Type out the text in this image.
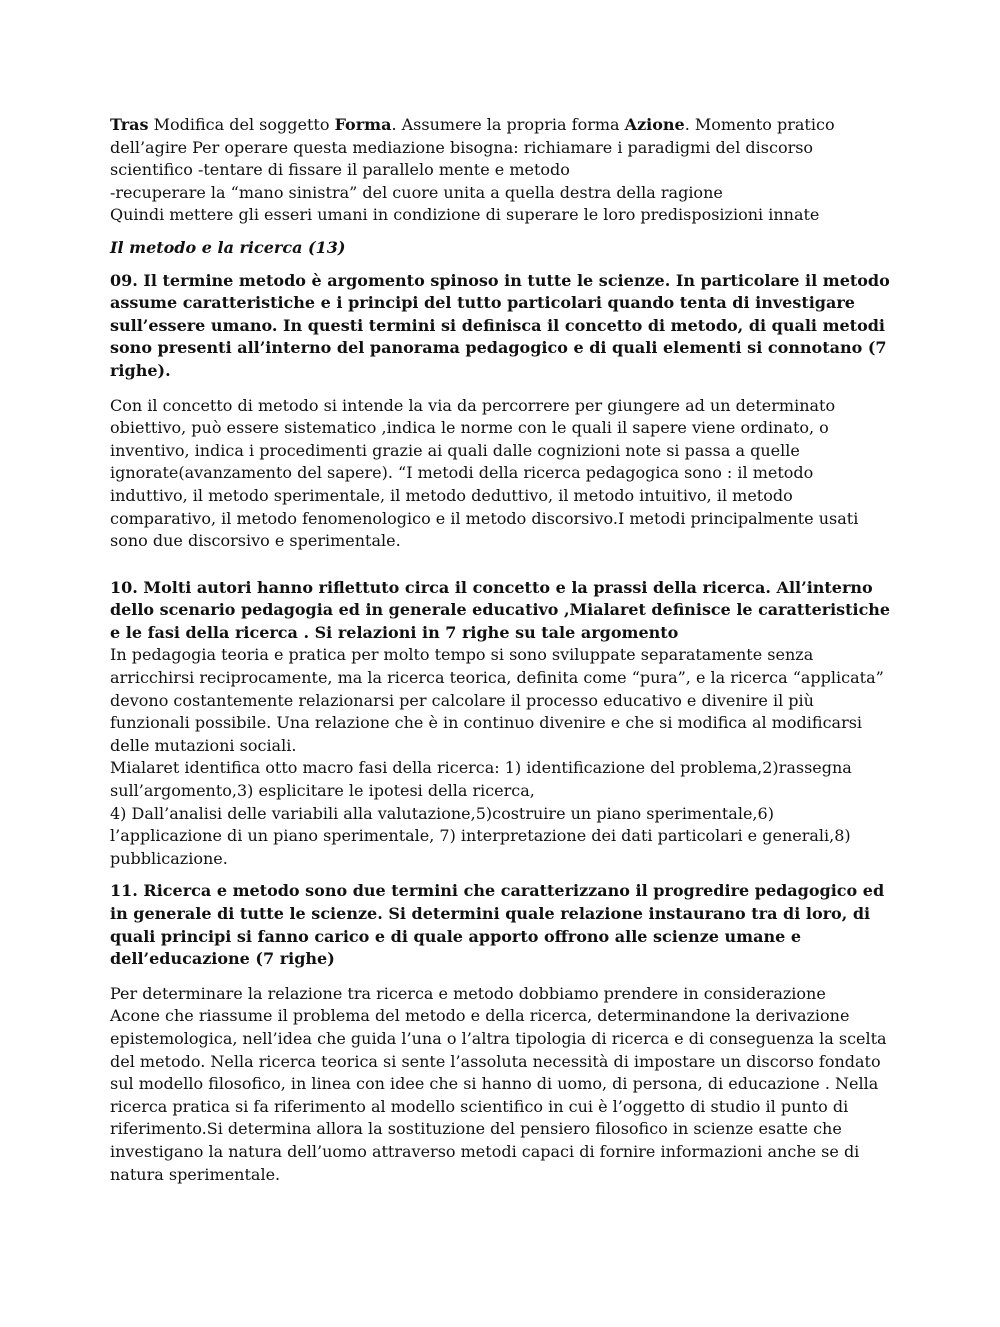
Tras Modifica del soggetto Forma. Assumere la propria forma Azione. Momento pratico
dell’agire Per operare questa mediazione bisogna: richiamare i paradigmi del discorso
scientifico -tentare di fissare il parallelo mente e metodo
-recuperare la “mano sinistra” del cuore unita a quella destra della ragione
Quindi mettere gli esseri umani in condizione di superare le loro predisposizioni innate
Il metodo e la ricerca (13)
09. Il termine metodo è argomento spinoso in tutte le scienze. In particolare il metodo
assume caratteristiche e i principi del tutto particolari quando tenta di investigare
sull’essere umano. In questi termini si definisca il concetto di metodo, di quali metodi
sono presenti all’interno del panorama pedagogico e di quali elementi si connotano (7
righe).
Con il concetto di metodo si intende la via da percorrere per giungere ad un determinato
obiettivo, può essere sistematico ,indica le norme con le quali il sapere viene ordinato, o
inventivo, indica i procedimenti grazie ai quali dalle cognizioni note si passa a quelle
ignorate(avanzamento del sapere). “I metodi della ricerca pedagogica sono : il metodo
induttivo, il metodo sperimentale, il metodo deduttivo, il metodo intuitivo, il metodo
comparativo, il metodo fenomenologico e il metodo discorsivo.I metodi principalmente usati
sono due discorsivo e sperimentale.
10. Molti autori hanno riflettuto circa il concetto e la prassi della ricerca. All’interno
dello scenario pedagogia ed in generale educativo ,Mialaret definisce le caratteristiche
e le fasi della ricerca . Si relazioni in 7 righe su tale argomento
In pedagogia teoria e pratica per molto tempo si sono sviluppate separatamente senza
arricchirsi reciprocamente, ma la ricerca teorica, definita come “pura”, e la ricerca “applicata”
devono costantemente relazionarsi per calcolare il processo educativo e divenire il più
funzionali possibile. Una relazione che è in continuo divenire e che si modifica al modificarsi
delle mutazioni sociali.
Mialaret identifica otto macro fasi della ricerca: 1) identificazione del problema,2)rassegna
sull’argomento,3) esplicitare le ipotesi della ricerca,
4) Dall’analisi delle variabili alla valutazione,5)costruire un piano sperimentale,6)
l’applicazione di un piano sperimentale, 7) interpretazione dei dati particolari e generali,8)
pubblicazione.
11. Ricerca e metodo sono due termini che caratterizzano il progredire pedagogico ed
in generale di tutte le scienze. Si determini quale relazione instaurano tra di loro, di
quali principi si fanno carico e di quale apporto offrono alle scienze umane e
dell’educazione (7 righe)
Per determinare la relazione tra ricerca e metodo dobbiamo prendere in considerazione
Acone che riassume il problema del metodo e della ricerca, determinandone la derivazione
epistemologica, nell’idea che guida l’una o l’altra tipologia di ricerca e di conseguenza la scelta
del metodo. Nella ricerca teorica si sente l’assoluta necessità di impostare un discorso fondato
sul modello filosofico, in linea con idee che si hanno di uomo, di persona, di educazione . Nella
ricerca pratica si fa riferimento al modello scientifico in cui è l’oggetto di studio il punto di
riferimento.Si determina allora la sostituzione del pensiero filosofico in scienze esatte che
investigano la natura dell’uomo attraverso metodi capaci di fornire informazioni anche se di
natura sperimentale.
